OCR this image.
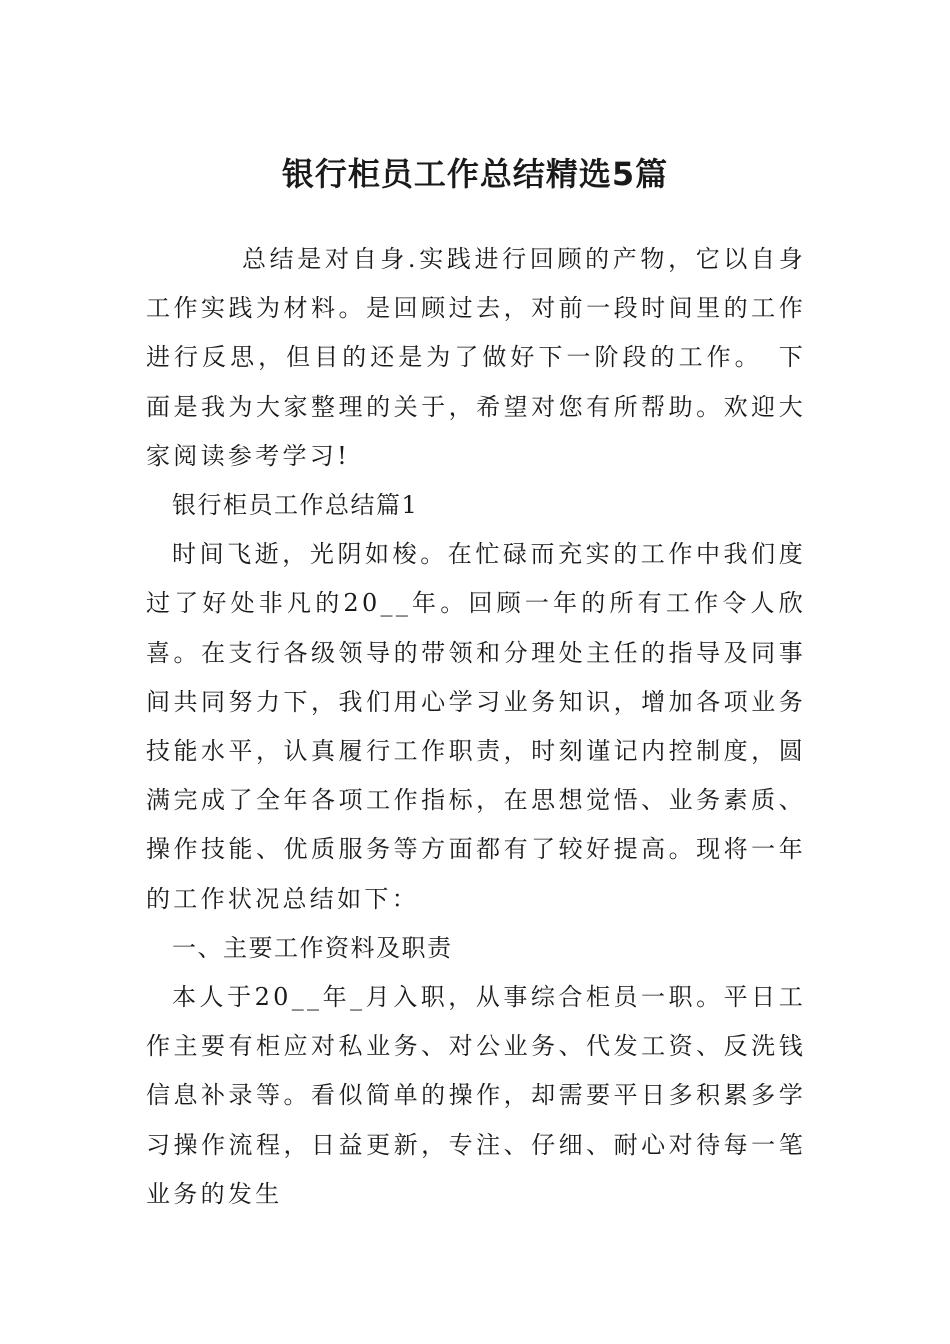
银行柜员工作总结精选5篇

总结是对自身.实践进行回顾的产物，它以自身工作实践为材料。是回顾过去，对前一段时间里的工作进行反思，但目的还是为了做好下一阶段的工作。　下面是我为大家整理的关于，希望对您有所帮助。欢迎大家阅读参考学习!

银行柜员工作总结篇1

时间飞逝，光阴如梭。在忙碌而充实的工作中我们度过了好处非凡的20__年。回顾一年的所有工作令人欣喜。在支行各级领导的带领和分理处主任的指导及同事间共同努力下，我们用心学习业务知识，增加各项业务技能水平，认真履行工作职责，时刻谨记内控制度，圆满完成了全年各项工作指标，在思想觉悟、业务素质、操作技能、优质服务等方面都有了较好提高。现将一年的工作状况总结如下：

一、主要工作资料及职责

本人于20__年_月入职，从事综合柜员一职。平日工作主要有柜应对私业务、对公业务、代发工资、反洗钱信息补录等。看似简单的操作，却需要平日多积累多学习操作流程，日益更新，专注、仔细、耐心对待每一笔业务的发生
